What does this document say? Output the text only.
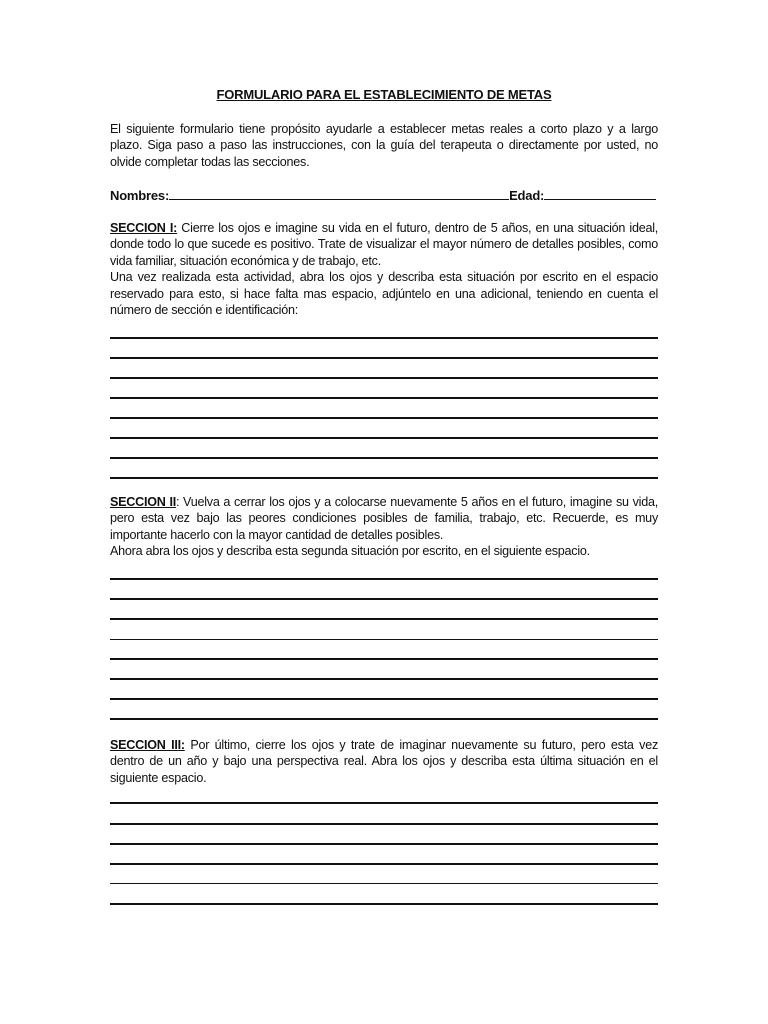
FORMULARIO PARA EL ESTABLECIMIENTO DE METAS

El siguiente formulario tiene propósito ayudarle a establecer metas reales a corto plazo y a largo plazo. Siga paso a paso las instrucciones, con la guía del terapeuta o directamente por usted, no olvide completar todas las secciones.

Nombres:	Edad:

SECCION I: Cierre los ojos e imagine su vida en el futuro, dentro de 5 años, en una situación ideal, donde todo lo que sucede es positivo. Trate de visualizar el mayor número de detalles posibles, como vida familiar, situación económica y de trabajo, etc.

Una vez realizada esta actividad, abra los ojos y describa esta situación por escrito en el espacio reservado para esto, si hace falta mas espacio, adjúntelo en una adicional, teniendo en cuenta el número de sección e identificación:

SECCION II: Vuelva a cerrar los ojos y a colocarse nuevamente 5 años en el futuro, imagine su vida, pero esta vez bajo las peores condiciones posibles de familia, trabajo, etc. Recuerde, es muy importante hacerlo con la mayor cantidad de detalles posibles.

Ahora abra los ojos y describa esta segunda situación por escrito, en el siguiente espacio.

SECCION III: Por último, cierre los ojos y trate de imaginar nuevamente su futuro, pero esta vez dentro de un año y bajo una perspectiva real. Abra los ojos y describa esta última situación en el siguiente espacio.
